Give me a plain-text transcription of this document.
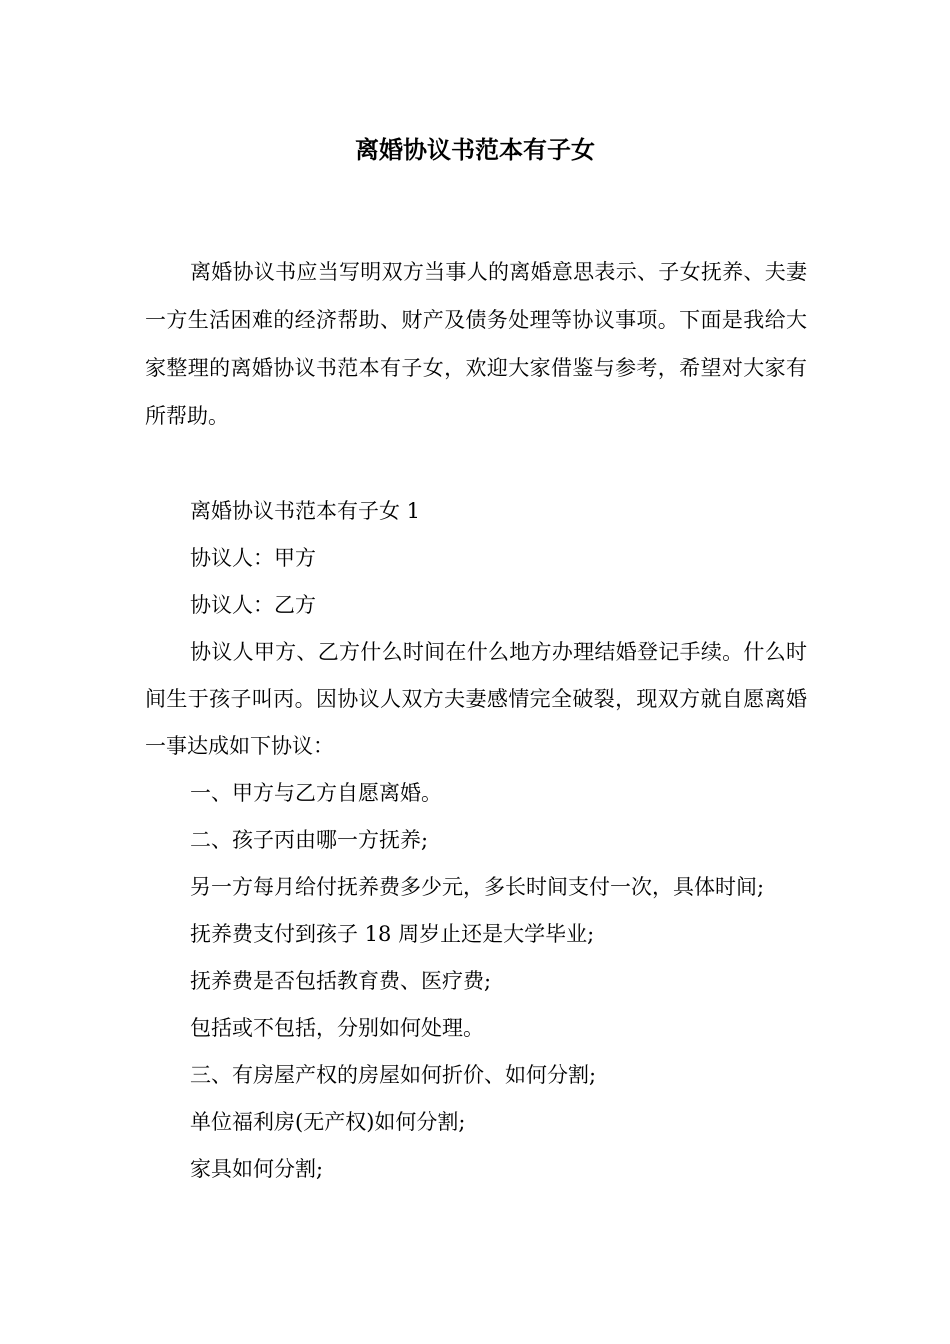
离婚协议书范本有子女

离婚协议书应当写明双方当事人的离婚意思表示、子女抚养、夫妻一方生活困难的经济帮助、财产及债务处理等协议事项。下面是我给大家整理的离婚协议书范本有子女，欢迎大家借鉴与参考，希望对大家有所帮助。

离婚协议书范本有子女 1

协议人：甲方

协议人：乙方

协议人甲方、乙方什么时间在什么地方办理结婚登记手续。什么时间生于孩子叫丙。因协议人双方夫妻感情完全破裂，现双方就自愿离婚一事达成如下协议：

一、甲方与乙方自愿离婚。

二、孩子丙由哪一方抚养;

另一方每月给付抚养费多少元，多长时间支付一次，具体时间;

抚养费支付到孩子 18 周岁止还是大学毕业;

抚养费是否包括教育费、医疗费;

包括或不包括，分别如何处理。

三、有房屋产权的房屋如何折价、如何分割;

单位福利房(无产权)如何分割;

家具如何分割;
